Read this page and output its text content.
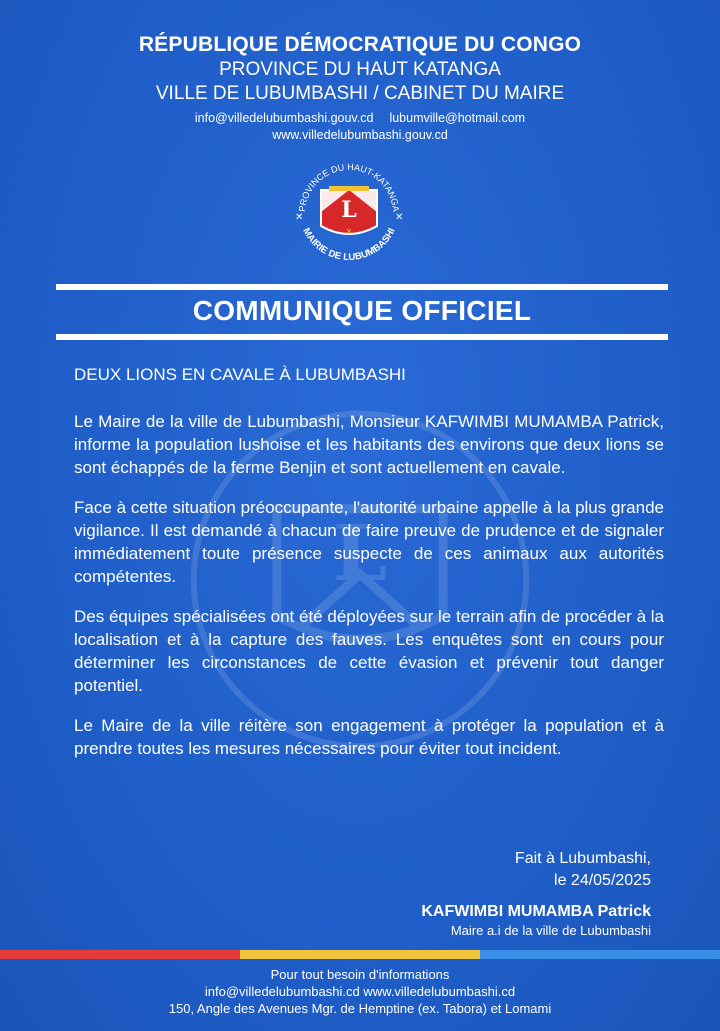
RÉPUBLIQUE DÉMOCRATIQUE DU CONGO
PROVINCE DU HAUT KATANGA
VILLE DE LUBUMBASHI / CABINET DU MAIRE
info@villedelubumbashi.gouv.cd lubumville@hotmail.com
www.villedelubumbashi.gouv.cd
PROVINCE DU HAUT-KATANGA
MAIRIE DE LUBUMBASHI
✕	✕
L
✕
COMMUNIQUE OFFICIEL
L
DEUX LIONS EN CAVALE À LUBUMBASHI

Le Maire de la ville de Lubumbashi, Monsieur KAFWIMBI MUMAMBA Patrick, informe la population lushoise et les habitants des environs que deux lions se sont échappés de la ferme Benjin et sont actuellement en cavale.

Face à cette situation préoccupante, l'autorité urbaine appelle à la plus grande vigilance. Il est demandé à chacun de faire preuve de prudence et de signaler immédiatement toute présence suspecte de ces animaux aux autorités compétentes.

Des équipes spécialisées ont été déployées sur le terrain afin de procéder à la localisation et à la capture des fauves. Les enquêtes sont en cours pour déterminer les circonstances de cette évasion et prévenir tout danger potentiel.

Le Maire de la ville réitère son engagement à protéger la population et à prendre toutes les mesures nécessaires pour éviter tout incident.

Fait à Lubumbashi,
le 24/05/2025
KAFWIMBI MUMAMBA Patrick
Maire a.i de la ville de Lubumbashi
Pour tout besoin d'informations
info@villedelubumbashi.cd www.villedelubumbashi.cd
150, Angle des Avenues Mgr. de Hemptine (ex. Tabora) et Lomami
